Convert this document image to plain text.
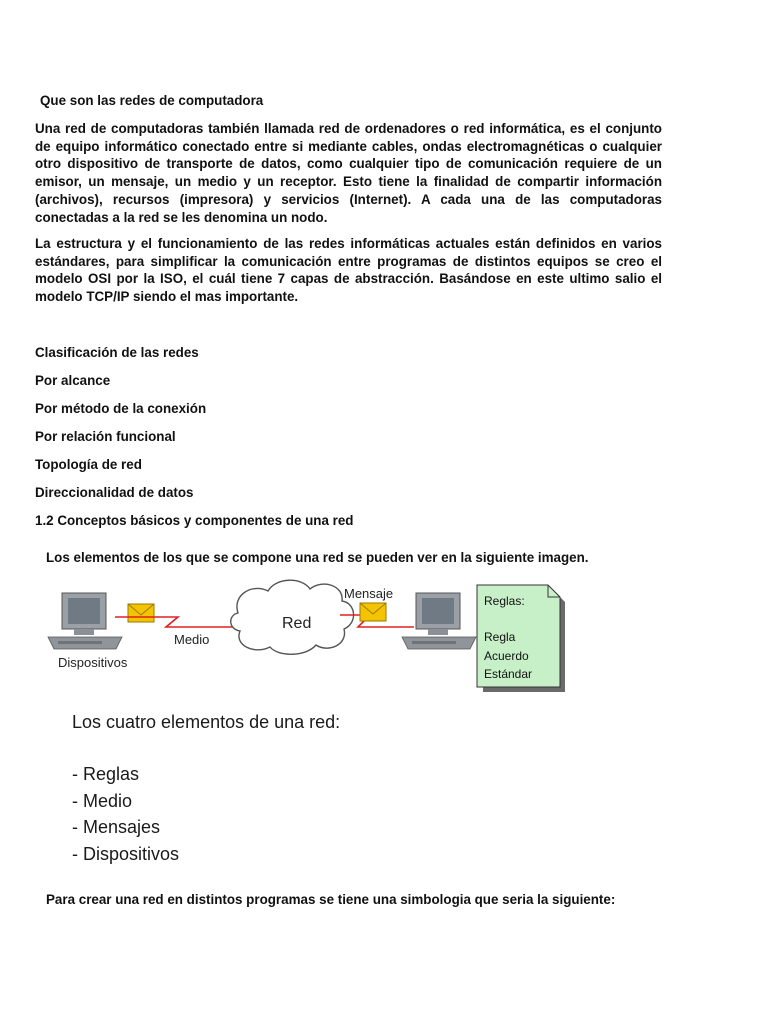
Que son las redes de computadora

Una red de computadoras también llamada red de ordenadores o red informática, es el conjunto de equipo informático conectado entre si mediante cables, ondas electromagnéticas o cualquier otro dispositivo de transporte de datos, como cualquier tipo de comunicación requiere de un emisor, un mensaje, un medio y un receptor. Esto tiene la finalidad de compartir información (archivos), recursos (impresora) y servicios (Internet). A cada una de las computadoras conectadas a la red se les denomina un nodo.

La estructura y el funcionamiento de las redes informáticas actuales están definidos en varios estándares, para simplificar la comunicación entre programas de distintos equipos se creo el modelo OSI por la ISO, el cuál tiene 7 capas de abstracción. Basándose en este ultimo salio el modelo TCP/IP siendo el mas importante.

Clasificación de las redes
Por alcance
Por método de la conexión
Por relación funcional
Topología de red
Direccionalidad de datos
1.2 Conceptos básicos y componentes de una red
Los elementos de los que se compone una red se pueden ver en la siguiente imagen.
Red
Mensaje	Reglas:
Regla
Acuerdo
Estándar
Dispositivos
Medio
Los cuatro elementos de una red:
- Reglas
- Medio
- Mensajes
- Dispositivos
Para crear una red en distintos programas se tiene una simbologia que seria la siguiente:
